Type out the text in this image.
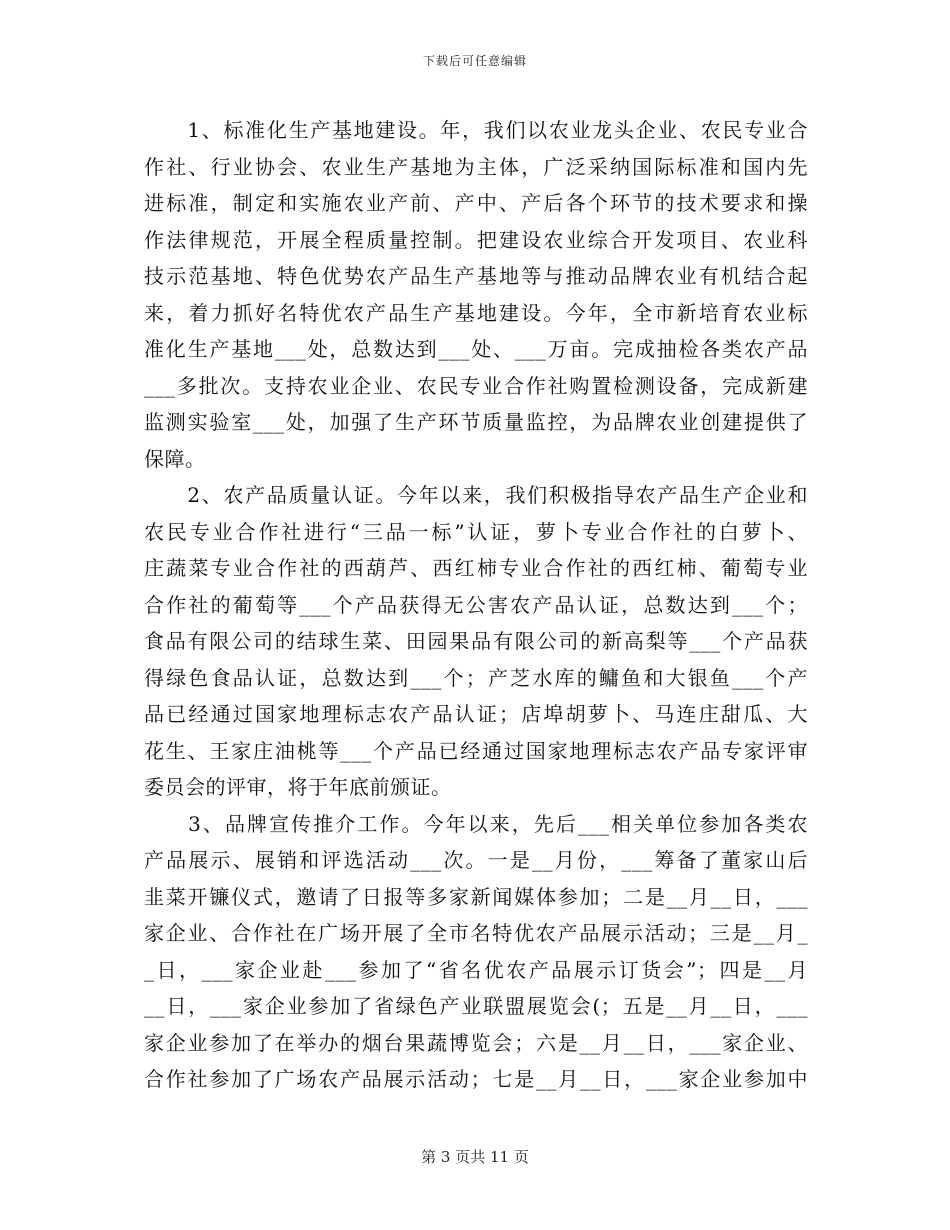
下载后可任意编辑
　　1、标准化生产基地建设。年，我们以农业龙头企业、农民专业合
作社、行业协会、农业生产基地为主体，广泛采纳国际标准和国内先
进标准，制定和实施农业产前、产中、产后各个环节的技术要求和操
作法律规范，开展全程质量控制。把建设农业综合开发项目、农业科
技示范基地、特色优势农产品生产基地等与推动品牌农业有机结合起
来，着力抓好名特优农产品生产基地建设。今年，全市新培育农业标
准化生产基地___处，总数达到___处、___万亩。完成抽检各类农产品
___多批次。支持农业企业、农民专业合作社购置检测设备，完成新建
监测实验室___处，加强了生产环节质量监控，为品牌农业创建提供了
保障。
　　2、农产品质量认证。今年以来，我们积极指导农产品生产企业和
农民专业合作社进行“三品一标”认证，萝卜专业合作社的白萝卜、
庄蔬菜专业合作社的西葫芦、西红柿专业合作社的西红柿、葡萄专业
合作社的葡萄等___个产品获得无公害农产品认证，总数达到___个；
食品有限公司的结球生菜、田园果品有限公司的新高梨等___个产品获
得绿色食品认证，总数达到___个；产芝水库的鳙鱼和大银鱼___个产
品已经通过国家地理标志农产品认证；店埠胡萝卜、马连庄甜瓜、大
花生、王家庄油桃等___个产品已经通过国家地理标志农产品专家评审
委员会的评审，将于年底前颁证。
　　3、品牌宣传推介工作。今年以来，先后___相关单位参加各类农
产品展示、展销和评选活动___次。一是__月份，___筹备了董家山后
韭菜开镰仪式，邀请了日报等多家新闻媒体参加；二是__月__日，___
家企业、合作社在广场开展了全市名特优农产品展示活动；三是__月_
_日，___家企业赴___参加了“省名优农产品展示订货会”；四是__月
__日，___家企业参加了省绿色产业联盟展览会(；五是__月__日，___
家企业参加了在举办的烟台果蔬博览会；六是__月__日，___家企业、
合作社参加了广场农产品展示活动；七是__月__日，___家企业参加中
第 3 页共 11 页
